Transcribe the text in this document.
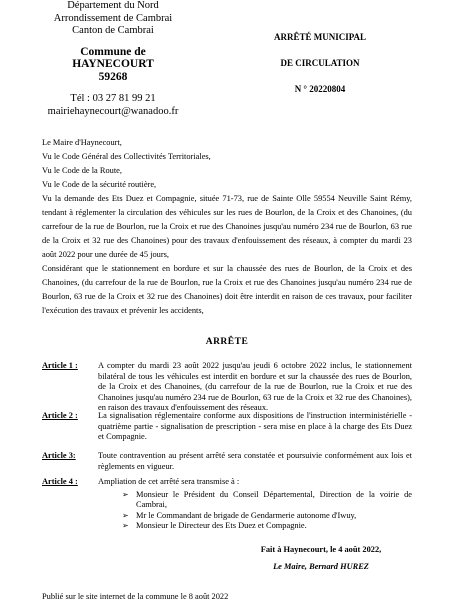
Département du Nord
Arrondissement de Cambrai
Canton de Cambrai
Commune de
HAYNECOURT
59268
Tél : 03 27 81 99 21
mairiehaynecourt@wanadoo.fr
ARRÊTÉ MUNICIPAL
DE CIRCULATION
N ° 20220804

Le Maire d'Haynecourt,

Vu le Code Général des Collectivités Territoriales,

Vu le Code de la Route,

Vu le Code de la sécurité routière,

Vu la demande des Ets Duez et Compagnie, située 71-73, rue de Sainte Olle 59554 Neuville Saint Rémy, tendant à réglementer la circulation des véhicules sur les rues de Bourlon, de la Croix et des Chanoines, (du carrefour de la rue de Bourlon, rue la Croix et rue des Chanoines jusqu'au numéro 234 rue de Bourlon, 63 rue de la Croix et 32 rue des Chanoines) pour des travaux d'enfouissement des réseaux, à compter du mardi 23 août 2022 pour une durée de 45 jours,

Considérant que le stationnement en bordure et sur la chaussée des rues de Bourlon, de la Croix et des Chanoines, (du carrefour de la rue de Bourlon, rue la Croix et rue des Chanoines jusqu'au numéro 234 rue de Bourlon, 63 rue de la Croix et 32 rue des Chanoines) doit être interdit en raison de ces travaux, pour faciliter l'exécution des travaux et prévenir les accidents,

ARRÊTE
Article 1 : A compter du mardi 23 août 2022 jusqu'au jeudi 6 octobre 2022 inclus, le stationnement bilatéral de tous les véhicules est interdit en bordure et sur la chaussée des rues de Bourlon, de la Croix et des Chanoines, (du carrefour de la rue de Bourlon, rue la Croix et rue des Chanoines jusqu'au numéro 234 rue de Bourlon, 63 rue de la Croix et 32 rue des Chanoines), en raison des travaux d'enfouissement des réseaux.
Article 2 : La signalisation réglementaire conforme aux dispositions de l'instruction interministérielle - quatrième partie - signalisation de prescription - sera mise en place à la charge des Ets Duez et Compagnie.
Article 3:	Toute contravention au présent arrêté sera constatée et poursuivie conformément aux lois et règlements en vigueur.
Article 4 : Ampliation de cet arrêté sera transmise à :
➢ Monsieur le Président du Conseil Départemental, Direction de la voirie de Cambrai,
➢ Mr le Commandant de brigade de Gendarmerie autonome d'Iwuy,
➢ Monsieur le Directeur des Ets Duez et Compagnie.
Fait à Haynecourt, le 4 août 2022,
Le Maire, Bernard HUREZ
Publié sur le site internet de la commune le 8 août 2022
